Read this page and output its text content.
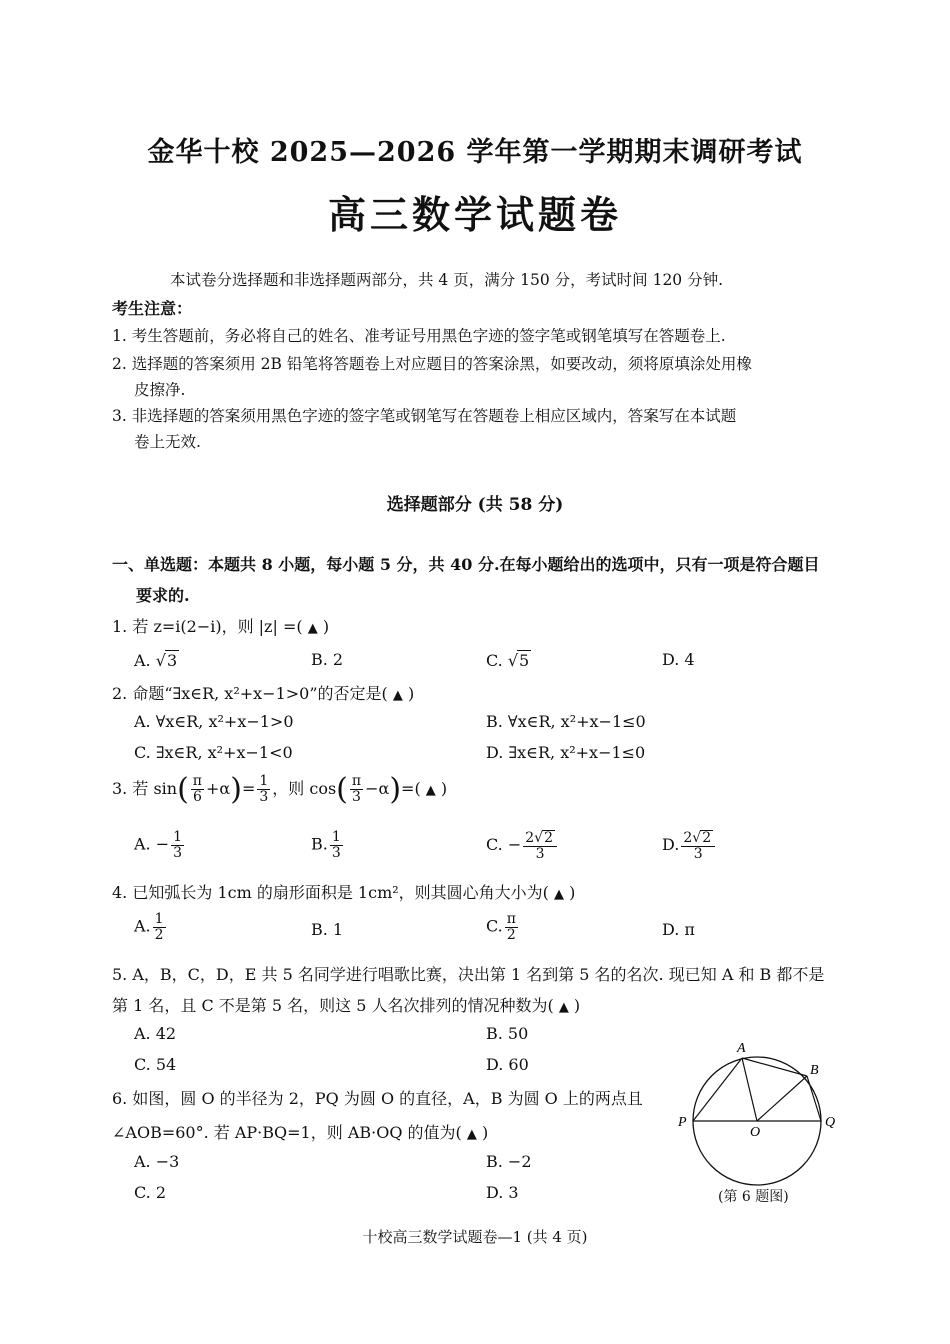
金华十校 2025—2026 学年第一学期期末调研考试
高三数学试题卷
本试卷分选择题和非选择题两部分，共 4 页，满分 150 分，考试时间 120 分钟.
考生注意：
1. 考生答题前，务必将自己的姓名、准考证号用黑色字迹的签字笔或钢笔填写在答题卷上.
2. 选择题的答案须用 2B 铅笔将答题卷上对应题目的答案涂黑，如要改动，须将原填涂处用橡
皮擦净.
3. 非选择题的答案须用黑色字迹的签字笔或钢笔写在答题卷上相应区域内，答案写在本试题
卷上无效.
选择题部分 (共 58 分)
一、单选题：本题共 8 小题，每小题 5 分，共 40 分.在每小题给出的选项中，只有一项是符合题目
要求的.
1. 若 z=i(2−i)，则 |z| =( ▲ )
A. √3	B. 2	C. √5	D. 4
2. 命题“∃x∈R, x²+x−1>0”的否定是( ▲ )
A. ∀x∈R, x²+x−1>0	B. ∀x∈R, x²+x−1≤0
C. ∃x∈R, x²+x−1<0	D. ∃x∈R, x²+x−1≤0
3. 若 $\sin( \frac{\pi}{6} +\alpha)= \frac{1}{3}$ ，则 $\cos( \frac{\pi}{3} -\alpha)=$( ▲ )
A. − $\frac{1}{3}$	B. $\frac{1}{3}$	C. − $\frac{2√2}{3}$	D. $\frac{2√2}{3}$
4. 已知弧长为 1cm 的扇形面积是 1cm²，则其圆心角大小为( ▲ )
A. $\frac{1}{2}$	B. 1	C. $\frac{\pi}{2}$	D. π
5. A，B，C，D，E 共 5 名同学进行唱歌比赛，决出第 1 名到第 5 名的名次. 现已知 A 和 B 都不是
第 1 名，且 C 不是第 5 名，则这 5 人名次排列的情况种数为( ▲ )
A. 42	B. 50
C. 54	D. 60
6. 如图，圆 O 的半径为 2，PQ 为圆 O 的直径，A，B 为圆 O 上的两点且
∠AOB=60°. 若 AP·BQ=1，则 AB·OQ 的值为( ▲ )
A. −3	B. −2
C. 2	D. 3
A
B
P
O
Q
(第 6 题图)
十校高三数学试题卷—1 (共 4 页)
